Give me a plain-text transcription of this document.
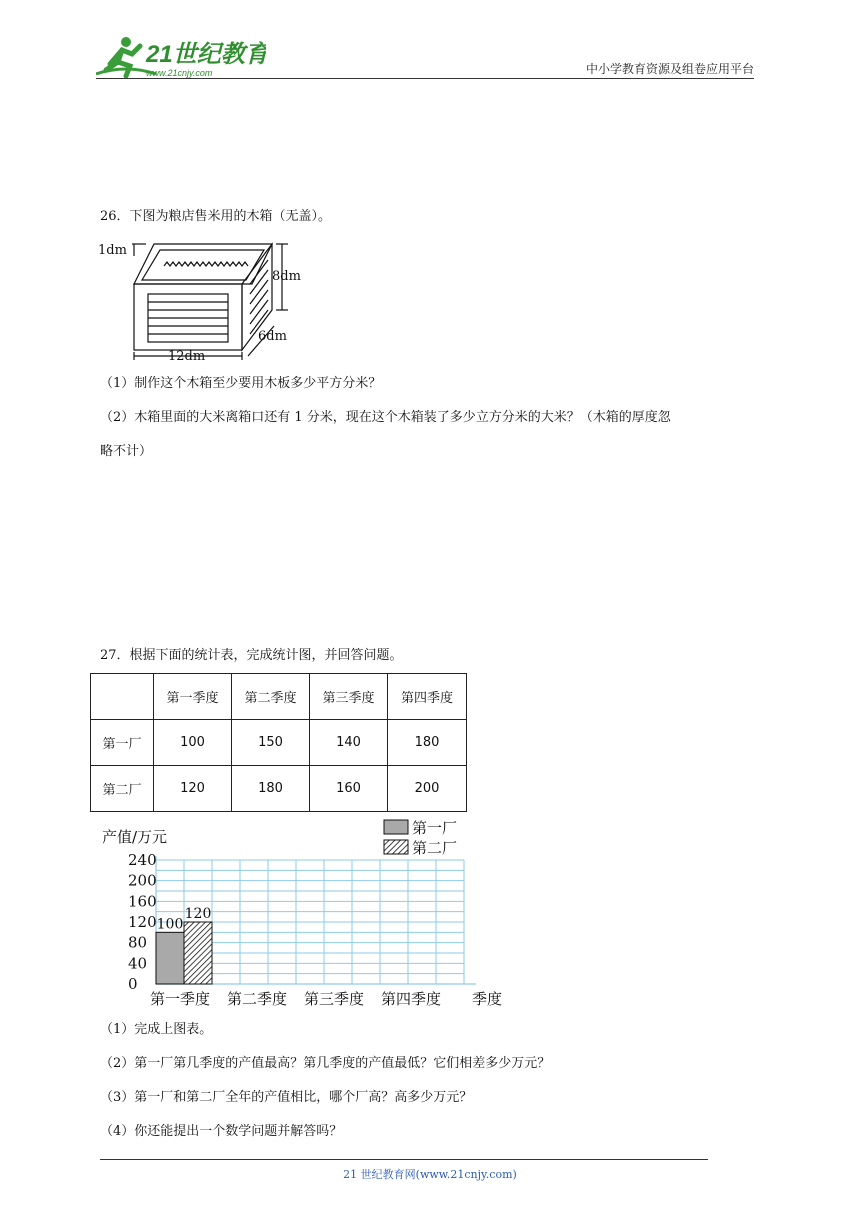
21世纪教育
www.21cnjy.com	中小学教育资源及组卷应用平台
26．下图为粮店售米用的木箱（无盖）。
1dm
8dm
6dm
12dm
（1）制作这个木箱至少要用木板多少平方分米？
（2）木箱里面的大米离箱口还有 1 分米，现在这个木箱装了多少立方分米的大米？（木箱的厚度忽
略不计）
27．根据下面的统计表，完成统计图，并回答问题。
	第一季度	第二季度	第三季度	第四季度
第一厂	100	150	140	180
第二厂	120	180	160	200
0
40
80
120
160
200
240
产值/万元
第一季度 第二季度 第三季度 第四季度 季度
100
120
第一厂
第二厂
（1）完成上图表。
（2）第一厂第几季度的产值最高？第几季度的产值最低？它们相差多少万元？
（3）第一厂和第二厂全年的产值相比，哪个厂高？高多少万元？
（4）你还能提出一个数学问题并解答吗？
21 世纪教育网(www.21cnjy.com)
